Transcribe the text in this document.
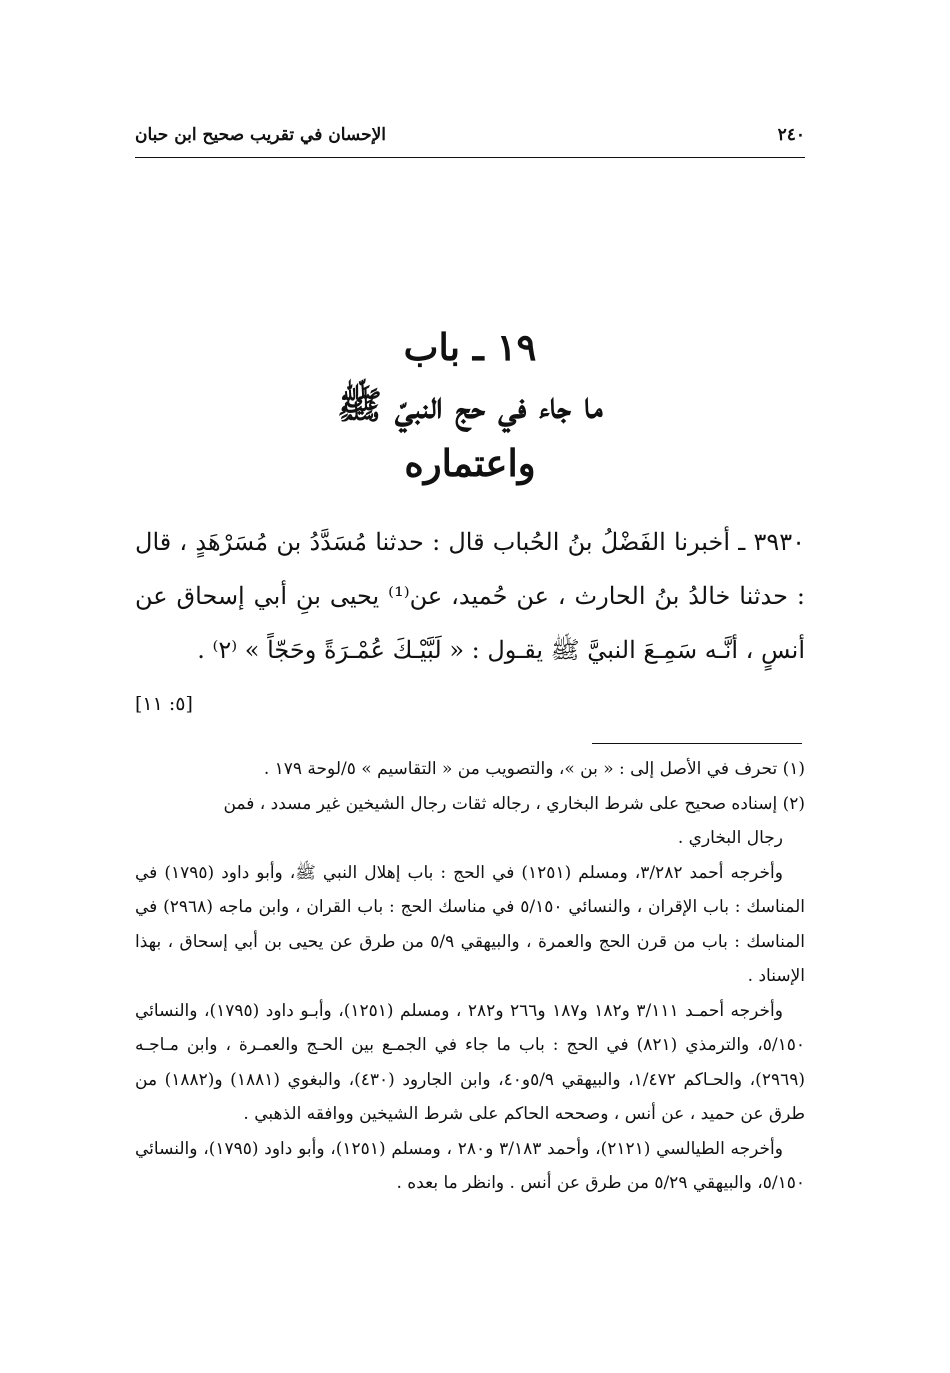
٢٤٠
الإحسان في تقريب صحيح ابن حبان
١٩ ـ باب
ما جاء في حج النبيّ ﷺ
واعتماره
٣٩٣٠ ـ أخبرنا الفَضْلُ بنُ الحُباب قال : حدثنا مُسَدَّدُ بن مُسَرْهَدٍ ، قال : حدثنا خالدُ بنُ الحارث ، عن حُميد، عن⁽¹⁾ يحيى بنِ أبي إسحاق عن أنسٍ ، أنَّـه سَمِـعَ النبيَّ ﷺ يقـول : « لَبَّيْـكَ عُمْـرَةً وحَجّاً » ⁽٢⁾ .
[٥: ١١]

(١) تحرف في الأصل إلى : « بن »، والتصويب من « التقاسيم » ٥/لوحة ١٧٩ .

(٢) إسناده صحيح على شرط البخاري ، رجاله ثقات رجال الشيخين غير مسدد ، فمن

رجال البخاري .

وأخرجه أحمد ٣/٢٨٢، ومسلم (١٢٥١) في الحج : باب إهلال النبي ﷺ، وأبو داود (١٧٩٥) في المناسك : باب الإقران ، والنسائي ٥/١٥٠ في مناسك الحج : باب القران ، وابن ماجه (٢٩٦٨) في المناسك : باب من قرن الحج والعمرة ، والبيهقي ٥/٩ من طرق عن يحيى بن أبي إسحاق ، بهذا الإسناد .

وأخرجه أحمـد ٣/١١١ و١٨٢ و١٨٧ و٢٦٦ و٢٨٢ ، ومسلم (١٢٥١)، وأبـو داود (١٧٩٥)، والنسائي ٥/١٥٠، والترمذي (٨٢١) في الحج : باب ما جاء في الجمـع بين الحـج والعمـرة ، وابن مـاجـه (٢٩٦٩)، والحـاكم ١/٤٧٢، والبيهقي ٥/٩و٤٠، وابن الجارود (٤٣٠)، والبغوي (١٨٨١) و(١٨٨٢) من طرق عن حميد ، عن أنس ، وصححه الحاكم على شرط الشيخين ووافقه الذهبي .

وأخرجه الطيالسي (٢١٢١)، وأحمد ٣/١٨٣ و٢٨٠ ، ومسلم (١٢٥١)، وأبو داود (١٧٩٥)، والنسائي ٥/١٥٠، والبيهقي ٥/٢٩ من طرق عن أنس . وانظر ما بعده .
